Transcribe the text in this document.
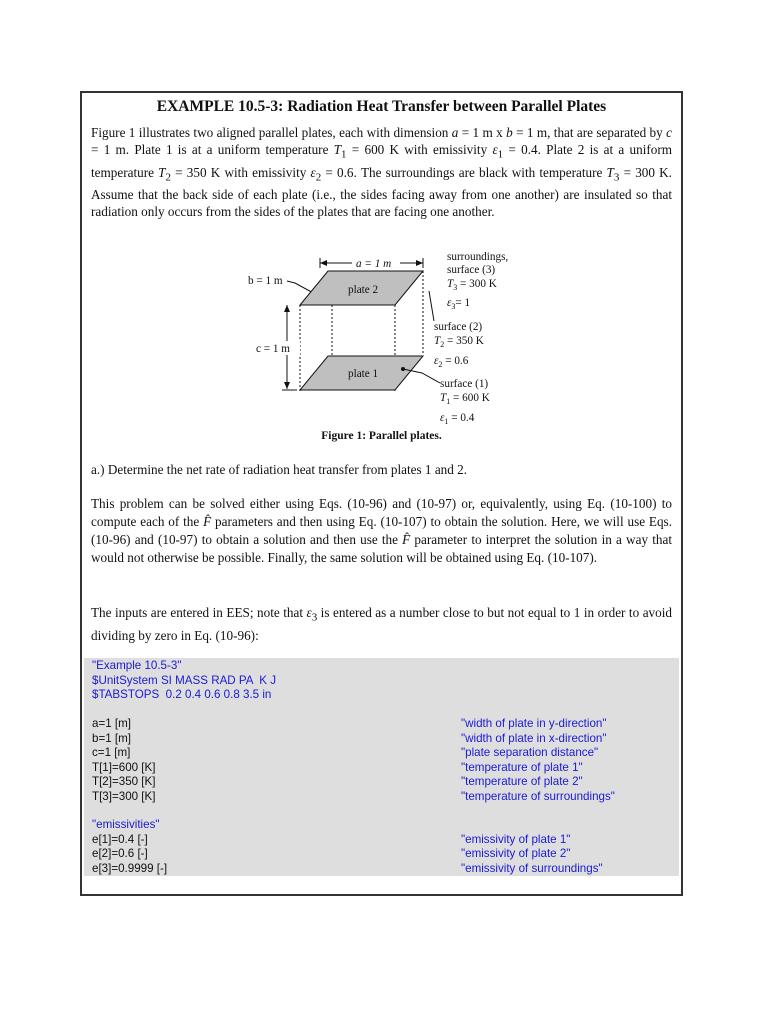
EXAMPLE 10.5-3: Radiation Heat Transfer between Parallel Plates
Figure 1 illustrates two aligned parallel plates, each with dimension a = 1 m x b = 1 m, that are separated by c = 1 m. Plate 1 is at a uniform temperature $T_1 = 600$ K with emissivity $\varepsilon_1 = 0.4$. Plate 2 is at a uniform temperature $T_2 = 350$ K with emissivity $\varepsilon_2 = 0.6$. The surroundings are black with temperature $T_3 = 300$ K. Assume that the back side of each plate (i.e., the sides facing away from one another) are insulated so that radiation only occurs from the sides of the plates that are facing one another.
a = 1 m
b = 1 m
plate 2
plate 1
c = 1 m
surroundings,
surface (3)
$T_3 = 300$ K
$\varepsilon_3= 1$
surface (2)
$T_2 = 350$ K
$\varepsilon_2 = 0.6$
surface (1)
$T_1 = 600$ K
$\varepsilon_1 = 0.4$
Figure 1: Parallel plates.
a.) Determine the net rate of radiation heat transfer from plates 1 and 2.
This problem can be solved either using Eqs. (10-96) and (10-97) or, equivalently, using Eq. (10-100) to compute each of the F̂ parameters and then using Eq. (10-107) to obtain the solution. Here, we will use Eqs. (10-96) and (10-97) to obtain a solution and then use the F̂ parameter to interpret the solution in a way that would not otherwise be possible. Finally, the same solution will be obtained using Eq. (10-107).
The inputs are entered in EES; note that $\varepsilon_3$ is entered as a number close to but not equal to 1 in order to avoid dividing by zero in Eq. (10-96):
"Example 10.5-3"
$UnitSystem SI MASS RAD PA  K J
$TABSTOPS  0.2 0.4 0.6 0.8 3.5 in
a=1 [m]	"width of plate in y-direction"
b=1 [m]	"width of plate in x-direction"
c=1 [m]	"plate separation distance"
T[1]=600 [K]	"temperature of plate 1"
T[2]=350 [K]	"temperature of plate 2"
T[3]=300 [K]	"temperature of surroundings"
"emissivities"
e[1]=0.4 [-]	"emissivity of plate 1"
e[2]=0.6 [-]	"emissivity of plate 2"
e[3]=0.9999 [-]	"emissivity of surroundings"
